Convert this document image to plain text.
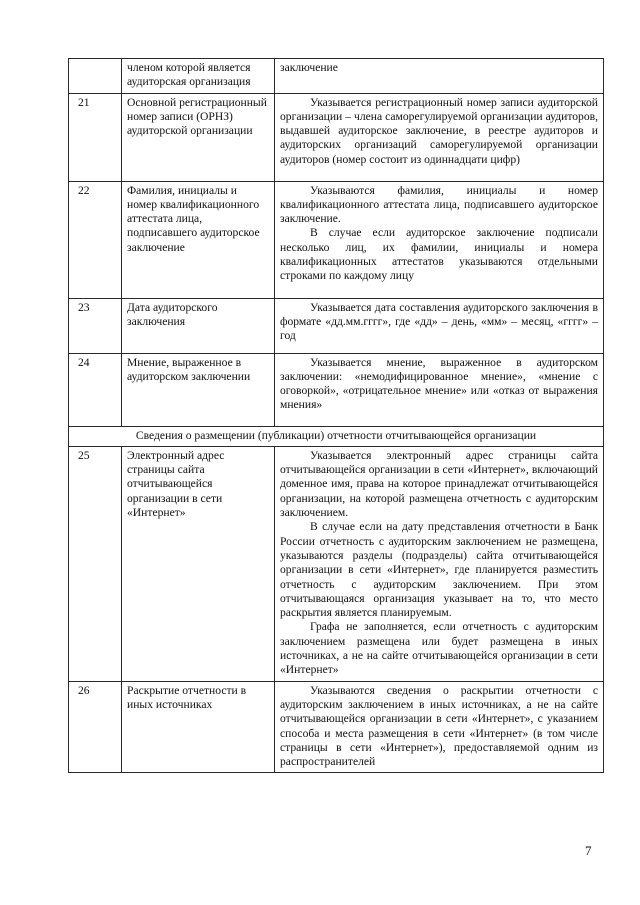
	членом которой является аудиторская организация	заключение

21	Основной регистрационный номер записи (ОРНЗ) аудиторской организации	Указывается регистрационный номер записи аудиторской организации – члена саморегулируемой организации аудиторов, выдавшей аудиторское заключение, в реестре аудиторов и аудиторских организаций саморегулируемой организации аудиторов (номер состоит из одиннадцати цифр)

22	Фамилия, инициалы и номер квалификационного аттестата лица, подписавшего аудиторское заключение	Указываются фамилия, инициалы и номер квалификационного аттестата лица, подписавшего аудиторское заключение.

В случае если аудиторское заключение подписали несколько лиц, их фамилии, инициалы и номера квалификационных аттестатов указываются отдельными строками по каждому лицу

23	Дата аудиторского заключения	Указывается дата составления аудиторского заключения в формате «дд.мм.гггг», где «дд» – день, «мм» – месяц, «гггг» – год

24	Мнение, выраженное в аудиторском заключении	Указывается мнение, выраженное в аудиторском заключении: «немодифицированное мнение», «мнение с оговоркой», «отрицательное мнение» или «отказ от выражения мнения»

Сведения о размещении (публикации) отчетности отчитывающейся организации		
25	Электронный адрес страницы сайта отчитывающейся организации в сети «Интернет»	Указывается электронный адрес страницы сайта отчитывающейся организации в сети «Интернет», включающий доменное имя, права на которое принадлежат отчитывающейся организации, на которой размещена отчетность с аудиторским заключением.

В случае если на дату представления отчетности в Банк России отчетность с аудиторским заключением не размещена, указываются разделы (подразделы) сайта отчитывающейся организации в сети «Интернет», где планируется разместить отчетность с аудиторским заключением. При этом отчитывающаяся организация указывает на то, что место раскрытия является планируемым.

Графа не заполняется, если отчетность с аудиторским заключением размещена или будет размещена в иных источниках, а не на сайте отчитывающейся организации в сети «Интернет»

26	Раскрытие отчетности в иных источниках	Указываются сведения о раскрытии отчетности с аудиторским заключением в иных источниках, а не на сайте отчитывающейся организации в сети «Интернет», с указанием способа и места размещения в сети «Интернет» (в том числе страницы в сети «Интернет»), предоставляемой одним из распространителей

7
